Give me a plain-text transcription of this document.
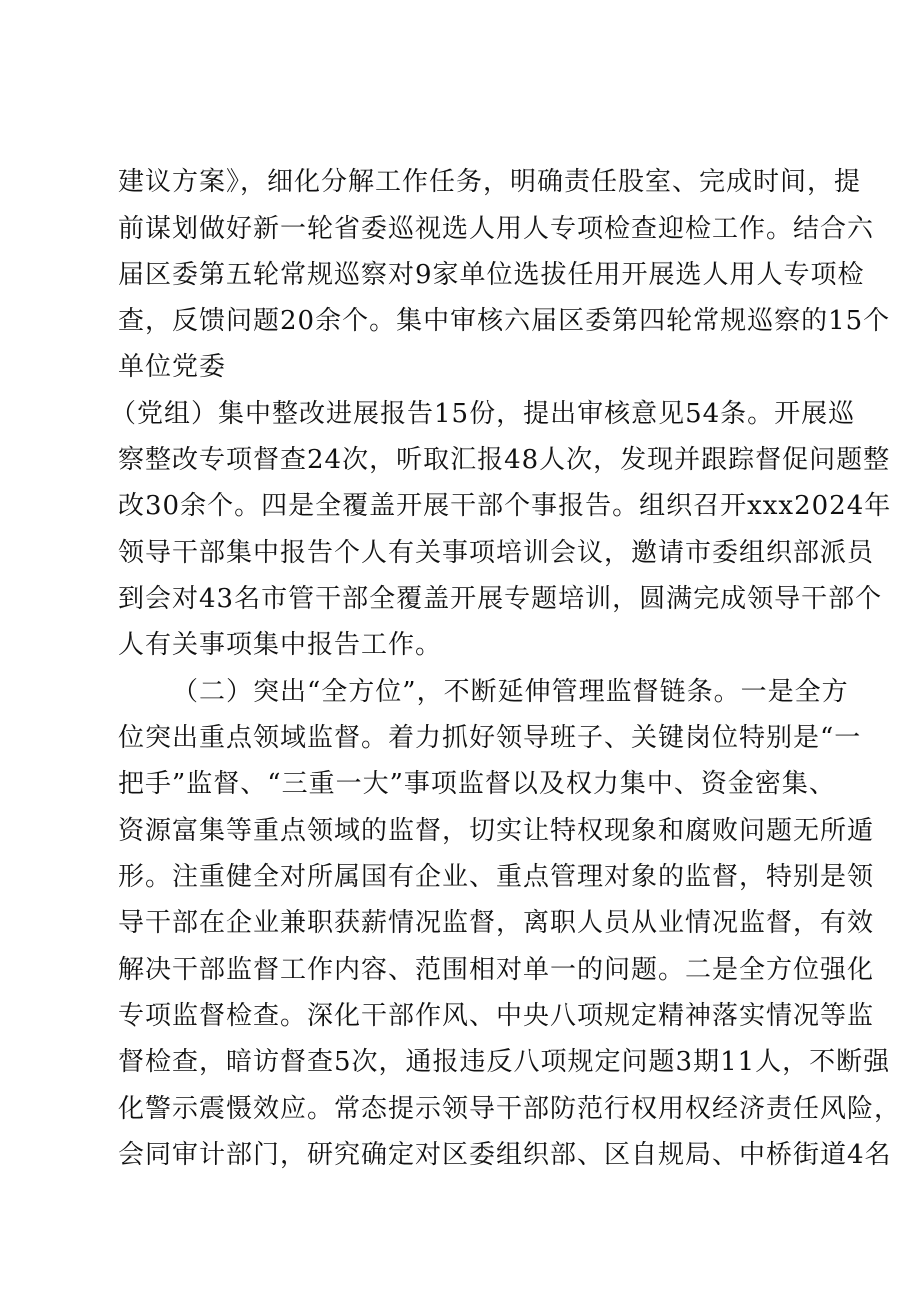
建议方案》，细化分解工作任务，明确责任股室、完成时间，提
前谋划做好新一轮省委巡视选人用人专项检查迎检工作。结合六
届区委第五轮常规巡察对9家单位选拔任用开展选人用人专项检
查，反馈问题20余个。集中审核六届区委第四轮常规巡察的15个
单位党委
（党组）集中整改进展报告15份，提出审核意见54条。开展巡
察整改专项督查24次，听取汇报48人次，发现并跟踪督促问题整
改30余个。四是全覆盖开展干部个事报告。组织召开xxx2024年
领导干部集中报告个人有关事项培训会议，邀请市委组织部派员
到会对43名市管干部全覆盖开展专题培训，圆满完成领导干部个
人有关事项集中报告工作。
（二）突出“全方位”，不断延伸管理监督链条。一是全方
位突出重点领域监督。着力抓好领导班子、关键岗位特别是“一
把手”监督、“三重一大”事项监督以及权力集中、资金密集、
资源富集等重点领域的监督，切实让特权现象和腐败问题无所遁
形。注重健全对所属国有企业、重点管理对象的监督，特别是领
导干部在企业兼职获薪情况监督，离职人员从业情况监督，有效
解决干部监督工作内容、范围相对单一的问题。二是全方位强化
专项监督检查。深化干部作风、中央八项规定精神落实情况等监
督检查，暗访督查5次，通报违反八项规定问题3期11人，不断强
化警示震慑效应。常态提示领导干部防范行权用权经济责任风险，
会同审计部门，研究确定对区委组织部、区自规局、中桥街道4名
